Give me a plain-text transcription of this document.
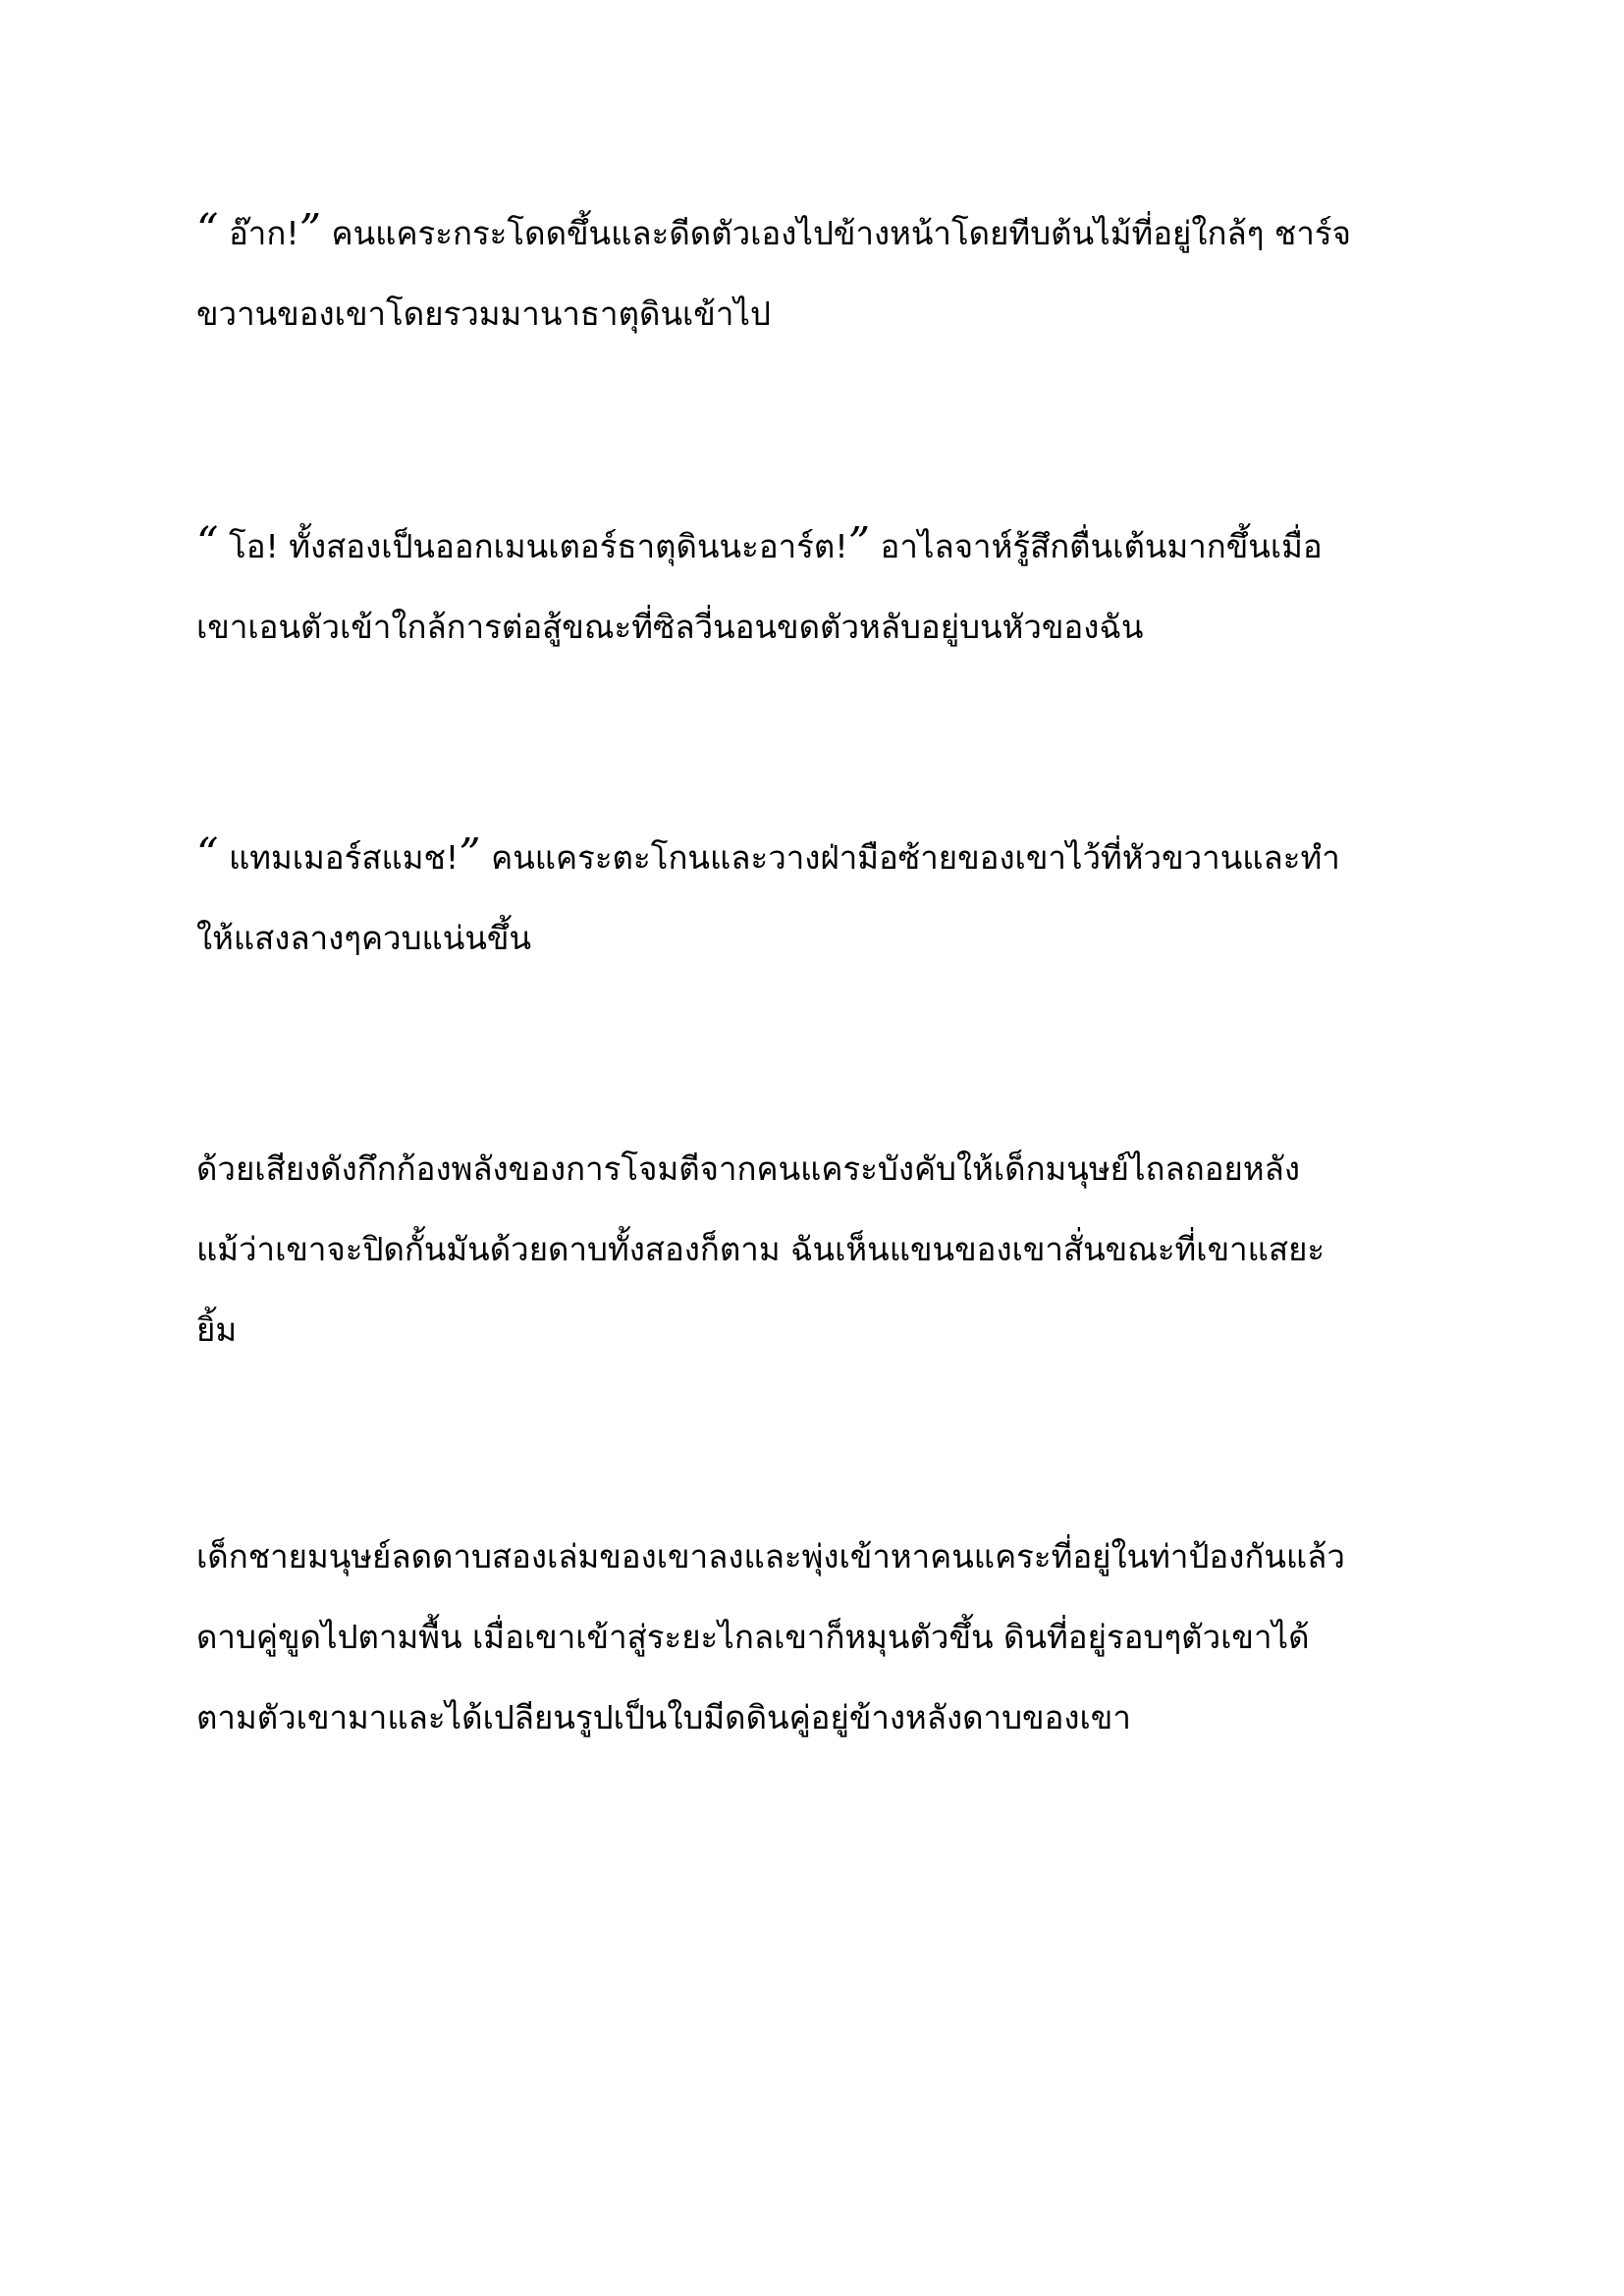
“ อ๊าก!” คนแคระกระโดดขึ้นและดีดตัวเองไปข้างหน้าโดยทีบต้นไม้ที่อยู่ใกล้ๆ ชาร์จ
ขวานของเขาโดยรวมมานาธาตุดินเข้าไป
“ โอ! ทั้งสองเป็นออกเมนเตอร์ธาตุดินนะอาร์ต!” อาไลจาห์รู้สึกตื่นเต้นมากขึ้นเมื่อ
เขาเอนตัวเข้าใกล้การต่อสู้ขณะที่ซิลวี่นอนขดตัวหลับอยู่บนหัวของฉัน
“ แทมเมอร์สแมช!” คนแคระตะโกนและวางฝ่ามือซ้ายของเขาไว้ที่หัวขวานและทำ
ให้แสงลางๆควบแน่นขึ้น
ด้วยเสียงดังกึกก้องพลังของการโจมตีจากคนแคระบังคับให้เด็กมนุษย์ไถลถอยหลัง
แม้ว่าเขาจะปิดกั้นมันด้วยดาบทั้งสองก็ตาม ฉันเห็นแขนของเขาสั่นขณะที่เขาแสยะ
ยิ้ม
เด็กชายมนุษย์ลดดาบสองเล่มของเขาลงและพุ่งเข้าหาคนแคระที่อยู่ในท่าป้องกันแล้ว
ดาบคู่ขูดไปตามพื้น เมื่อเขาเข้าสู่ระยะไกลเขาก็หมุนตัวขึ้น ดินที่อยู่รอบๆตัวเขาได้
ตามตัวเขามาและได้เปลียนรูปเป็นใบมีดดินคู่อยู่ข้างหลังดาบของเขา
